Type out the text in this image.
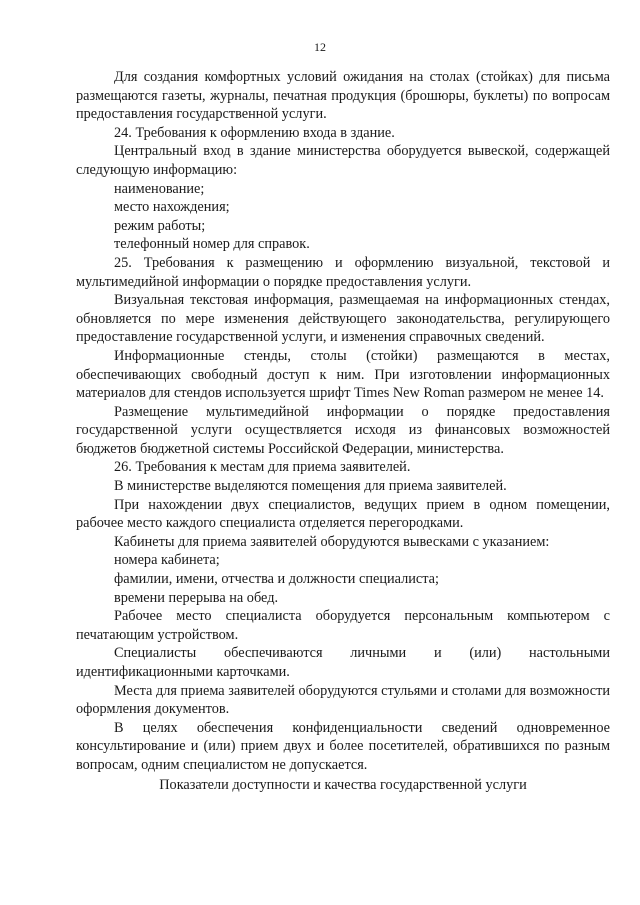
12

Для создания комфортных условий ожидания на столах (стойках) для письма размещаются газеты, журналы, печатная продукция (брошюры, буклеты) по вопросам предоставления государственной услуги.

24. Требования к оформлению входа в здание.

Центральный вход в здание министерства оборудуется вывеской, содержащей следующую информацию:

наименование;

место нахождения;

режим работы;

телефонный номер для справок.

25. Требования к размещению и оформлению визуальной, текстовой и мультимедийной информации о порядке предоставления услуги.

Визуальная текстовая информация, размещаемая на информационных стендах, обновляется по мере изменения действующего законодательства, регулирующего предоставление государственной услуги, и изменения справочных сведений.

Информационные стенды, столы (стойки) размещаются в местах, обеспечивающих свободный доступ к ним. При изготовлении информационных материалов для стендов используется шрифт Times New Roman размером не менее 14.

Размещение мультимедийной информации о порядке предоставления государственной услуги осуществляется исходя из финансовых возможностей бюджетов бюджетной системы Российской Федерации, министерства.

26. Требования к местам для приема заявителей.

В министерстве выделяются помещения для приема заявителей.

При нахождении двух специалистов, ведущих прием в одном помещении, рабочее место каждого специалиста отделяется перегородками.

Кабинеты для приема заявителей оборудуются вывесками с указанием:

номера кабинета;

фамилии, имени, отчества и должности специалиста;

времени перерыва на обед.

Рабочее место специалиста оборудуется персональным компьютером с печатающим устройством.

Специалисты обеспечиваются личными и (или) настольными идентификационными карточками.

Места для приема заявителей оборудуются стульями и столами для возможности оформления документов.

В целях обеспечения конфиденциальности сведений одновременное консультирование и (или) прием двух и более посетителей, обратившихся по разным вопросам, одним специалистом не допускается.

Показатели доступности и качества государственной услуги
